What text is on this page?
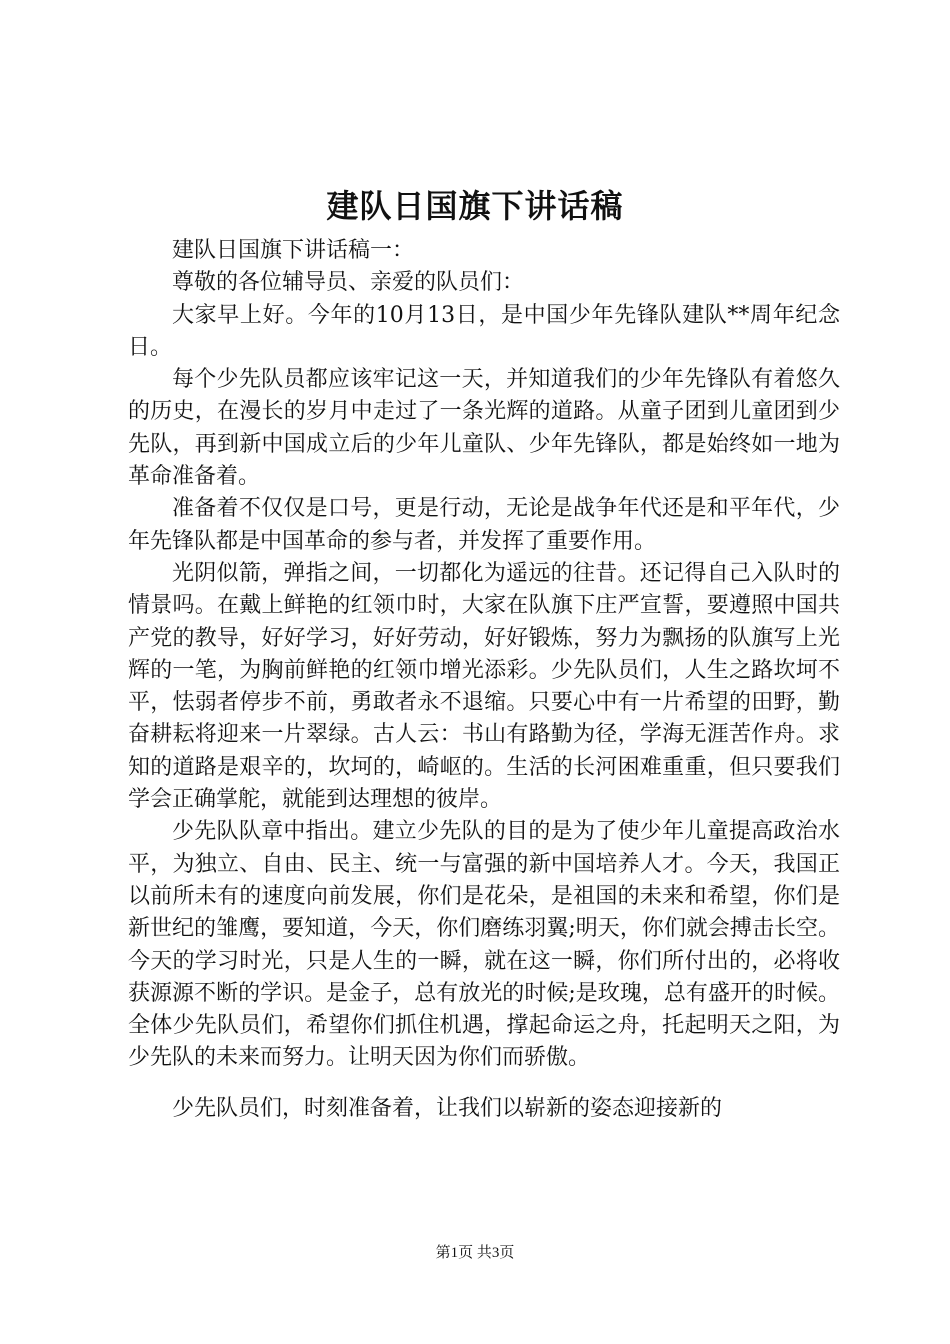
建队日国旗下讲话稿

建队日国旗下讲话稿一：

尊敬的各位辅导员、亲爱的队员们：

大家早上好。今年的10月13日，是中国少年先锋队建队**周年纪念日。

每个少先队员都应该牢记这一天，并知道我们的少年先锋队有着悠久的历史，在漫长的岁月中走过了一条光辉的道路。从童子团到儿童团到少先队，再到新中国成立后的少年儿童队、少年先锋队，都是始终如一地为革命准备着。

准备着不仅仅是口号，更是行动，无论是战争年代还是和平年代，少年先锋队都是中国革命的参与者，并发挥了重要作用。

光阴似箭，弹指之间，一切都化为遥远的往昔。还记得自己入队时的情景吗。在戴上鲜艳的红领巾时，大家在队旗下庄严宣誓，要遵照中国共产党的教导，好好学习，好好劳动，好好锻炼，努力为飘扬的队旗写上光辉的一笔，为胸前鲜艳的红领巾增光添彩。少先队员们，人生之路坎坷不平，怯弱者停步不前，勇敢者永不退缩。只要心中有一片希望的田野，勤奋耕耘将迎来一片翠绿。古人云：书山有路勤为径，学海无涯苦作舟。求知的道路是艰辛的，坎坷的，崎岖的。生活的长河困难重重，但只要我们学会正确掌舵，就能到达理想的彼岸。

少先队队章中指出。建立少先队的目的是为了使少年儿童提高政治水平，为独立、自由、民主、统一与富强的新中国培养人才。今天，我国正以前所未有的速度向前发展，你们是花朵，是祖国的未来和希望，你们是新世纪的雏鹰，要知道，今天，你们磨练羽翼;明天，你们就会搏击长空。今天的学习时光，只是人生的一瞬，就在这一瞬，你们所付出的，必将收获源源不断的学识。是金子，总有放光的时候;是玫瑰，总有盛开的时候。全体少先队员们，希望你们抓住机遇，撑起命运之舟，托起明天之阳，为少先队的未来而努力。让明天因为你们而骄傲。

少先队员们，时刻准备着，让我们以崭新的姿态迎接新的

第1页 共3页
